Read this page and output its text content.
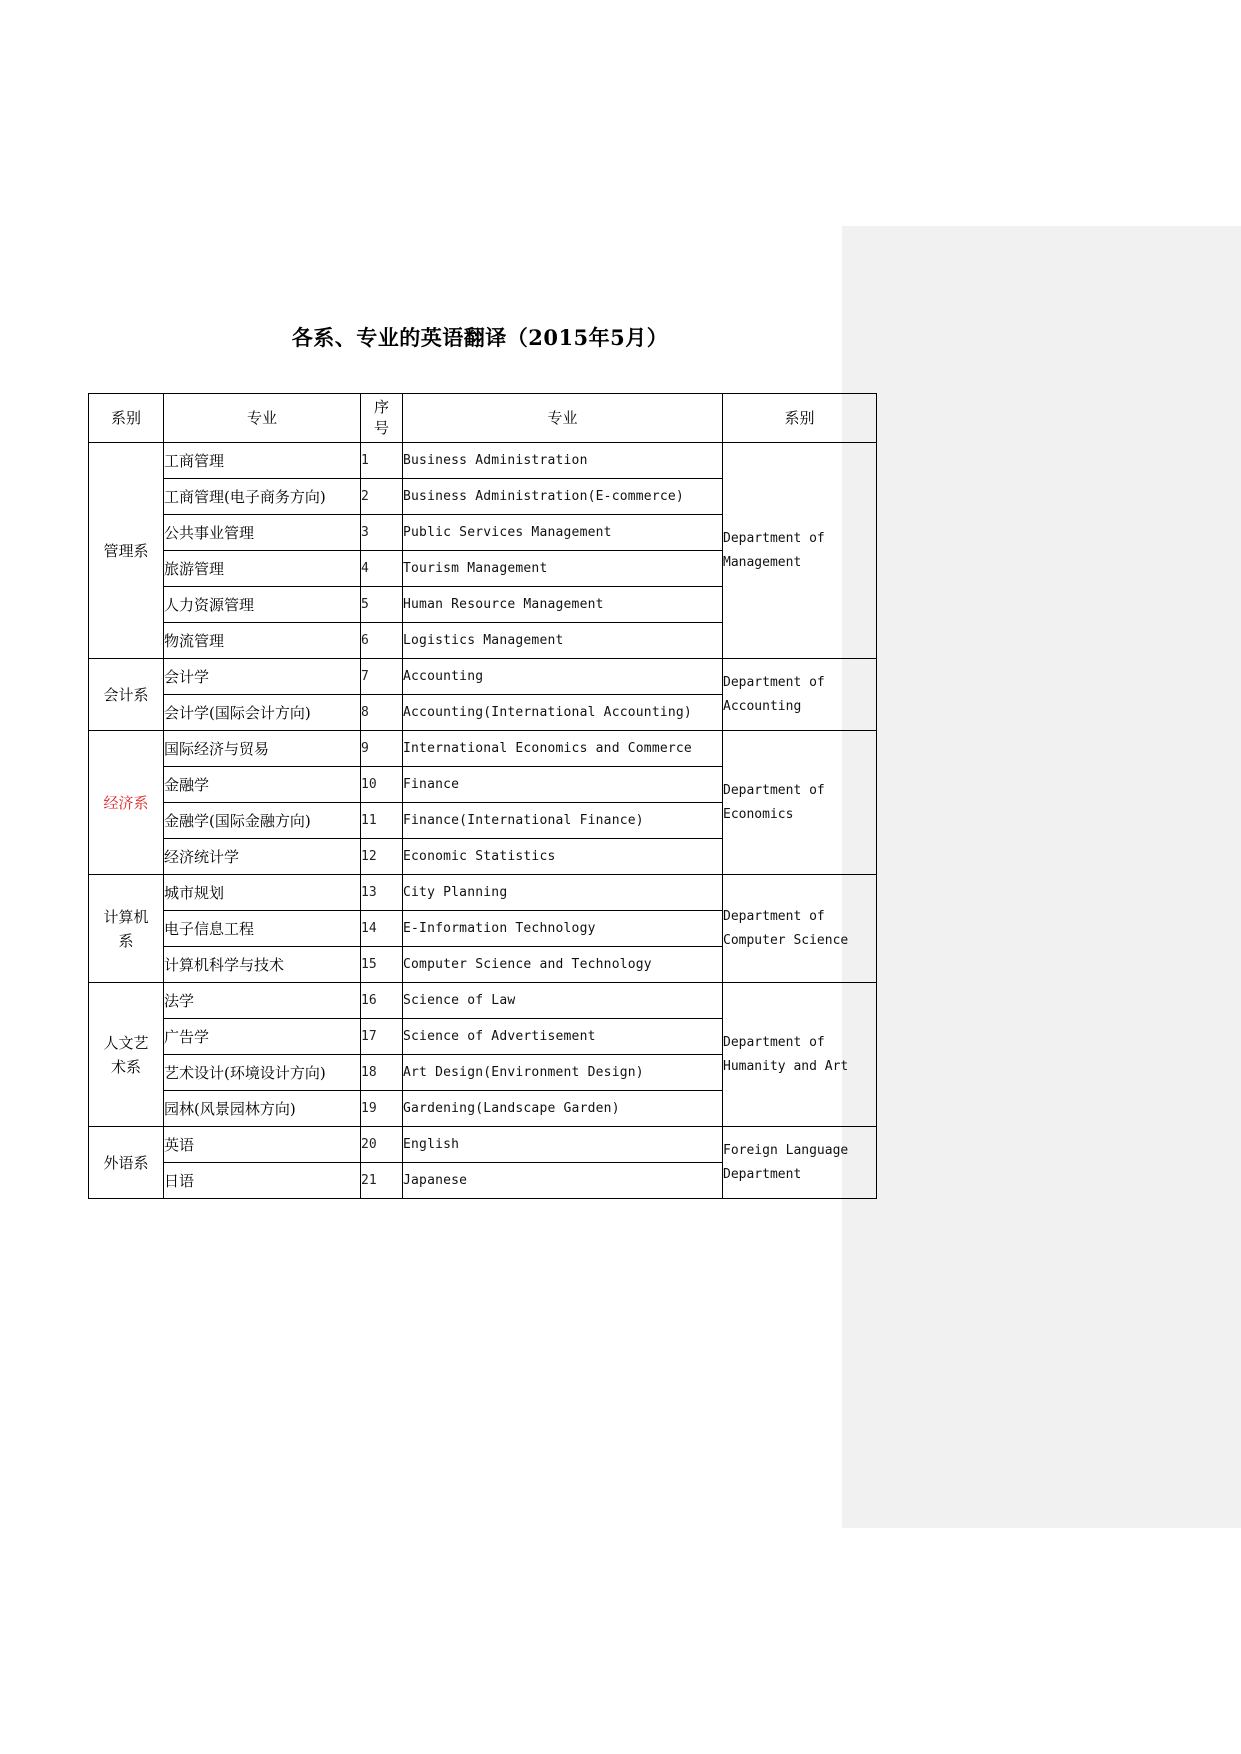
各系、专业的英语翻译（2015年5月）
系别	专业	序
号	专业	系别

管理系	工商管理	1	Business Administration	Department of
Management

	工商管理(电子商务方向)	2	Business Administration(E-commerce)	
	公共事业管理	3	Public Services Management	
	旅游管理	4	Tourism Management	
	人力资源管理	5	Human Resource Management	
	物流管理	6	Logistics Management	

会计系	会计学	7	Accounting	Department of
Accounting

	会计学(国际会计方向)	8	Accounting(International Accounting)	

经济系	国际经济与贸易	9	International Economics and Commerce	Department of
Economics

	金融学	10	Finance	
	金融学(国际金融方向)	11	Finance(International Finance)	
	经济统计学	12	Economic Statistics	

计算机
系	城市规划	13	City Planning	Department of
Computer Science

	电子信息工程	14	E-Information Technology	
	计算机科学与技术	15	Computer Science and Technology	

人文艺
术系	法学	16	Science of Law	Department of
Humanity and Art

	广告学	17	Science of Advertisement	
	艺术设计(环境设计方向)	18	Art Design(Environment Design)	
	园林(风景园林方向)	19	Gardening(Landscape Garden)	

外语系	英语	20	English	Foreign Language
Department

	日语	21	Japanese	
